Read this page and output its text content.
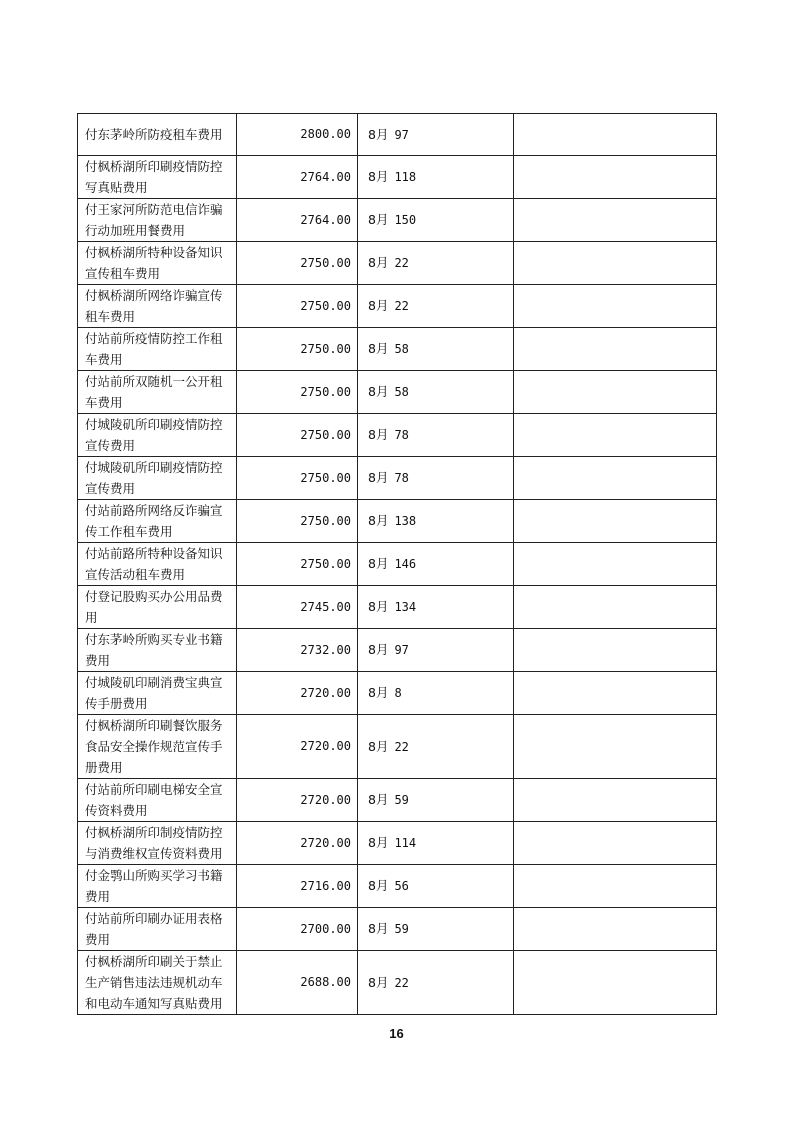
付东茅岭所防疫租车费用	2800.00	8月 97	
付枫桥湖所印刷疫情防控写真贴费用	2764.00	8月 118	
付王家河所防范电信诈骗行动加班用餐费用	2764.00	8月 150	
付枫桥湖所特种设备知识宣传租车费用	2750.00	8月 22	
付枫桥湖所网络诈骗宣传租车费用	2750.00	8月 22	
付站前所疫情防控工作租车费用	2750.00	8月 58	
付站前所双随机一公开租车费用	2750.00	8月 58	
付城陵矶所印刷疫情防控宣传费用	2750.00	8月 78	
付城陵矶所印刷疫情防控宣传费用	2750.00	8月 78	
付站前路所网络反诈骗宣传工作租车费用	2750.00	8月 138	
付站前路所特种设备知识宣传活动租车费用	2750.00	8月 146	
付登记股购买办公用品费用	2745.00	8月 134	
付东茅岭所购买专业书籍费用	2732.00	8月 97	
付城陵矶印刷消费宝典宣传手册费用	2720.00	8月 8	
付枫桥湖所印刷餐饮服务食品安全操作规范宣传手册费用	2720.00	8月 22	
付站前所印刷电梯安全宣传资料费用	2720.00	8月 59	
付枫桥湖所印制疫情防控与消费维权宣传资料费用	2720.00	8月 114	
付金鹗山所购买学习书籍费用	2716.00	8月 56	
付站前所印刷办证用表格费用	2700.00	8月 59	
付枫桥湖所印刷关于禁止生产销售违法违规机动车和电动车通知写真贴费用	2688.00	8月 22	
16
